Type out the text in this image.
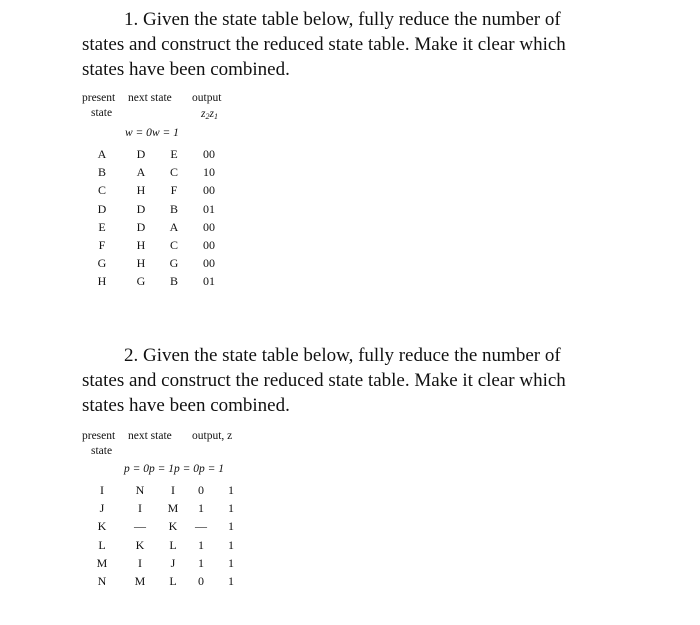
1. Given the state table below, fully reduce the number of
states and construct the reduced state table. Make it clear which
states have been combined.
present
state
next state output
$z_2z_1$
w = 0w = 1
A	D	E	00
B	A	C	10
C	H	F	00
D	D	B	01
E	D	A	00
F	H	C	00
G	H	G	00
H	G	B	01
2. Given the state table below, fully reduce the number of
states and construct the reduced state table. Make it clear which
states have been combined.
present
state
next state output, z
p = 0p = 1p = 0p = 1
I	N	I	0	1
J	I	M	1	1
K	—	K	—	1
L	K	L	1	1
M	I	J	1	1
N	M	L	0	1
